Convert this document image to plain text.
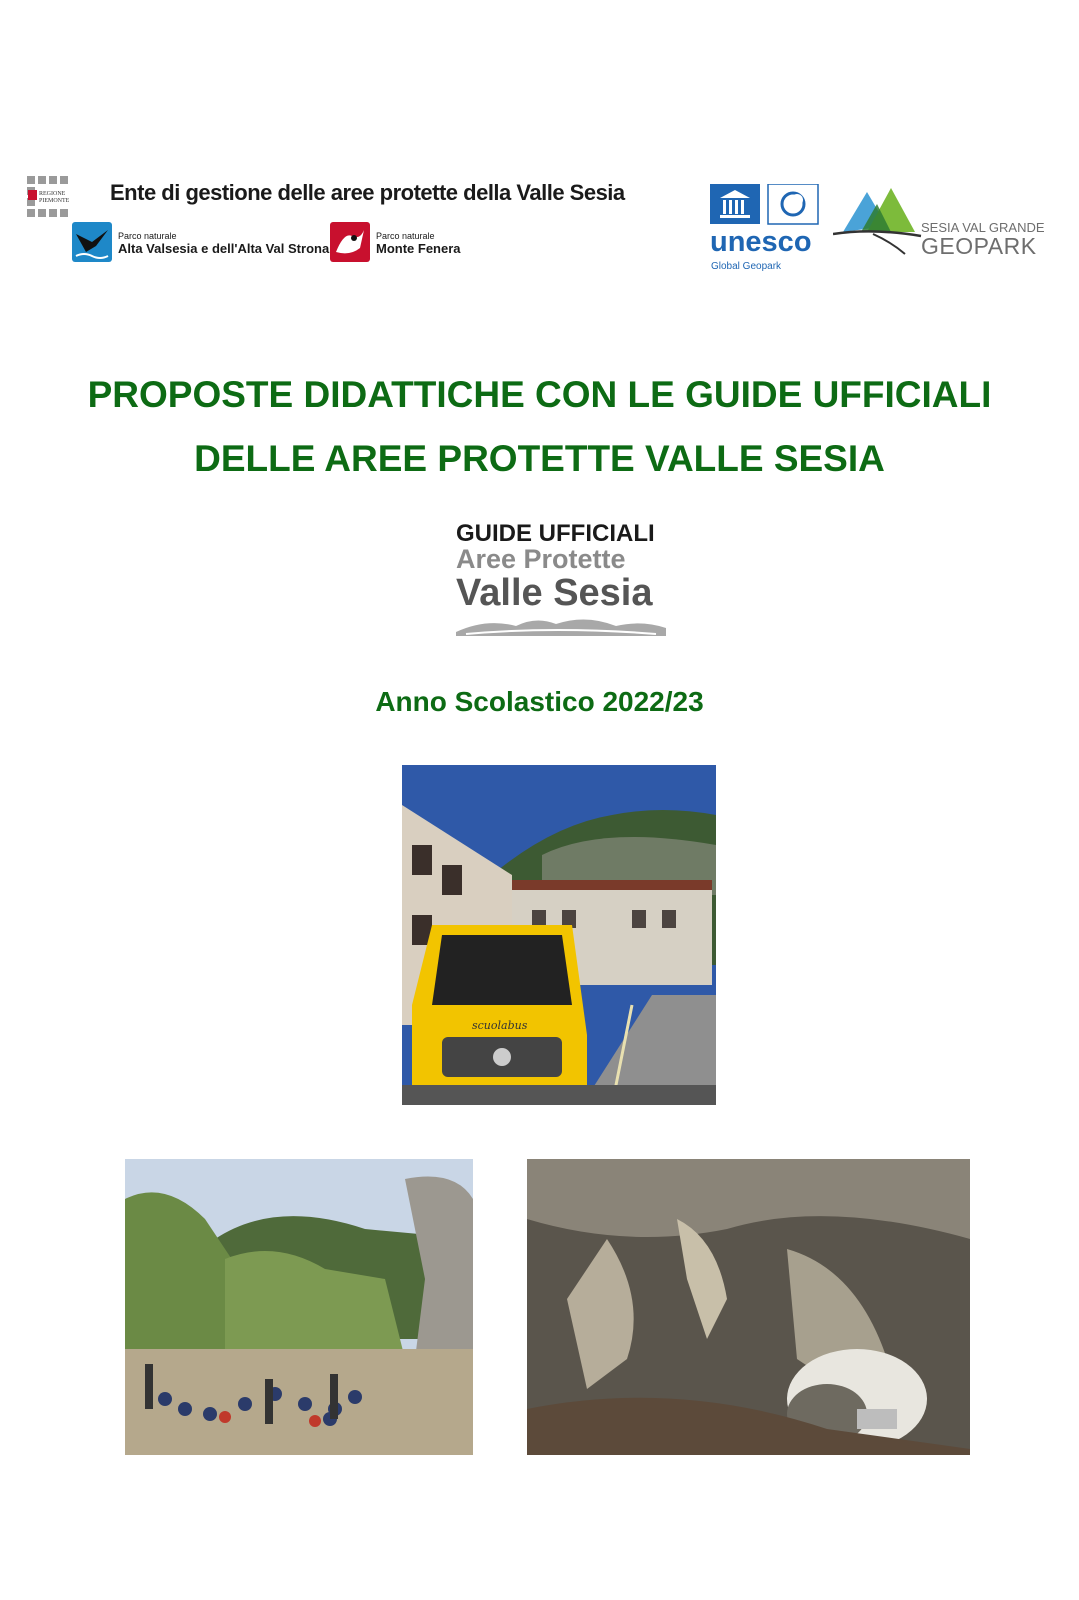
REGIONE
PIEMONTE Ente di gestione delle aree protette della Valle Sesia
Parco naturale
Alta Valsesia e dell'Alta Val Strona
Parco naturale
Monte Fenera	unesco
Global Geopark
SESIA VAL GRANDE
GEOPARK
PROPOSTE DIDATTICHE CON LE GUIDE UFFICIALI
DELLE AREE PROTETTE VALLE SESIA
GUIDE UFFICIALI
Aree Protette
Valle Sesia
Anno Scolastico 2022/23
scuolabus
